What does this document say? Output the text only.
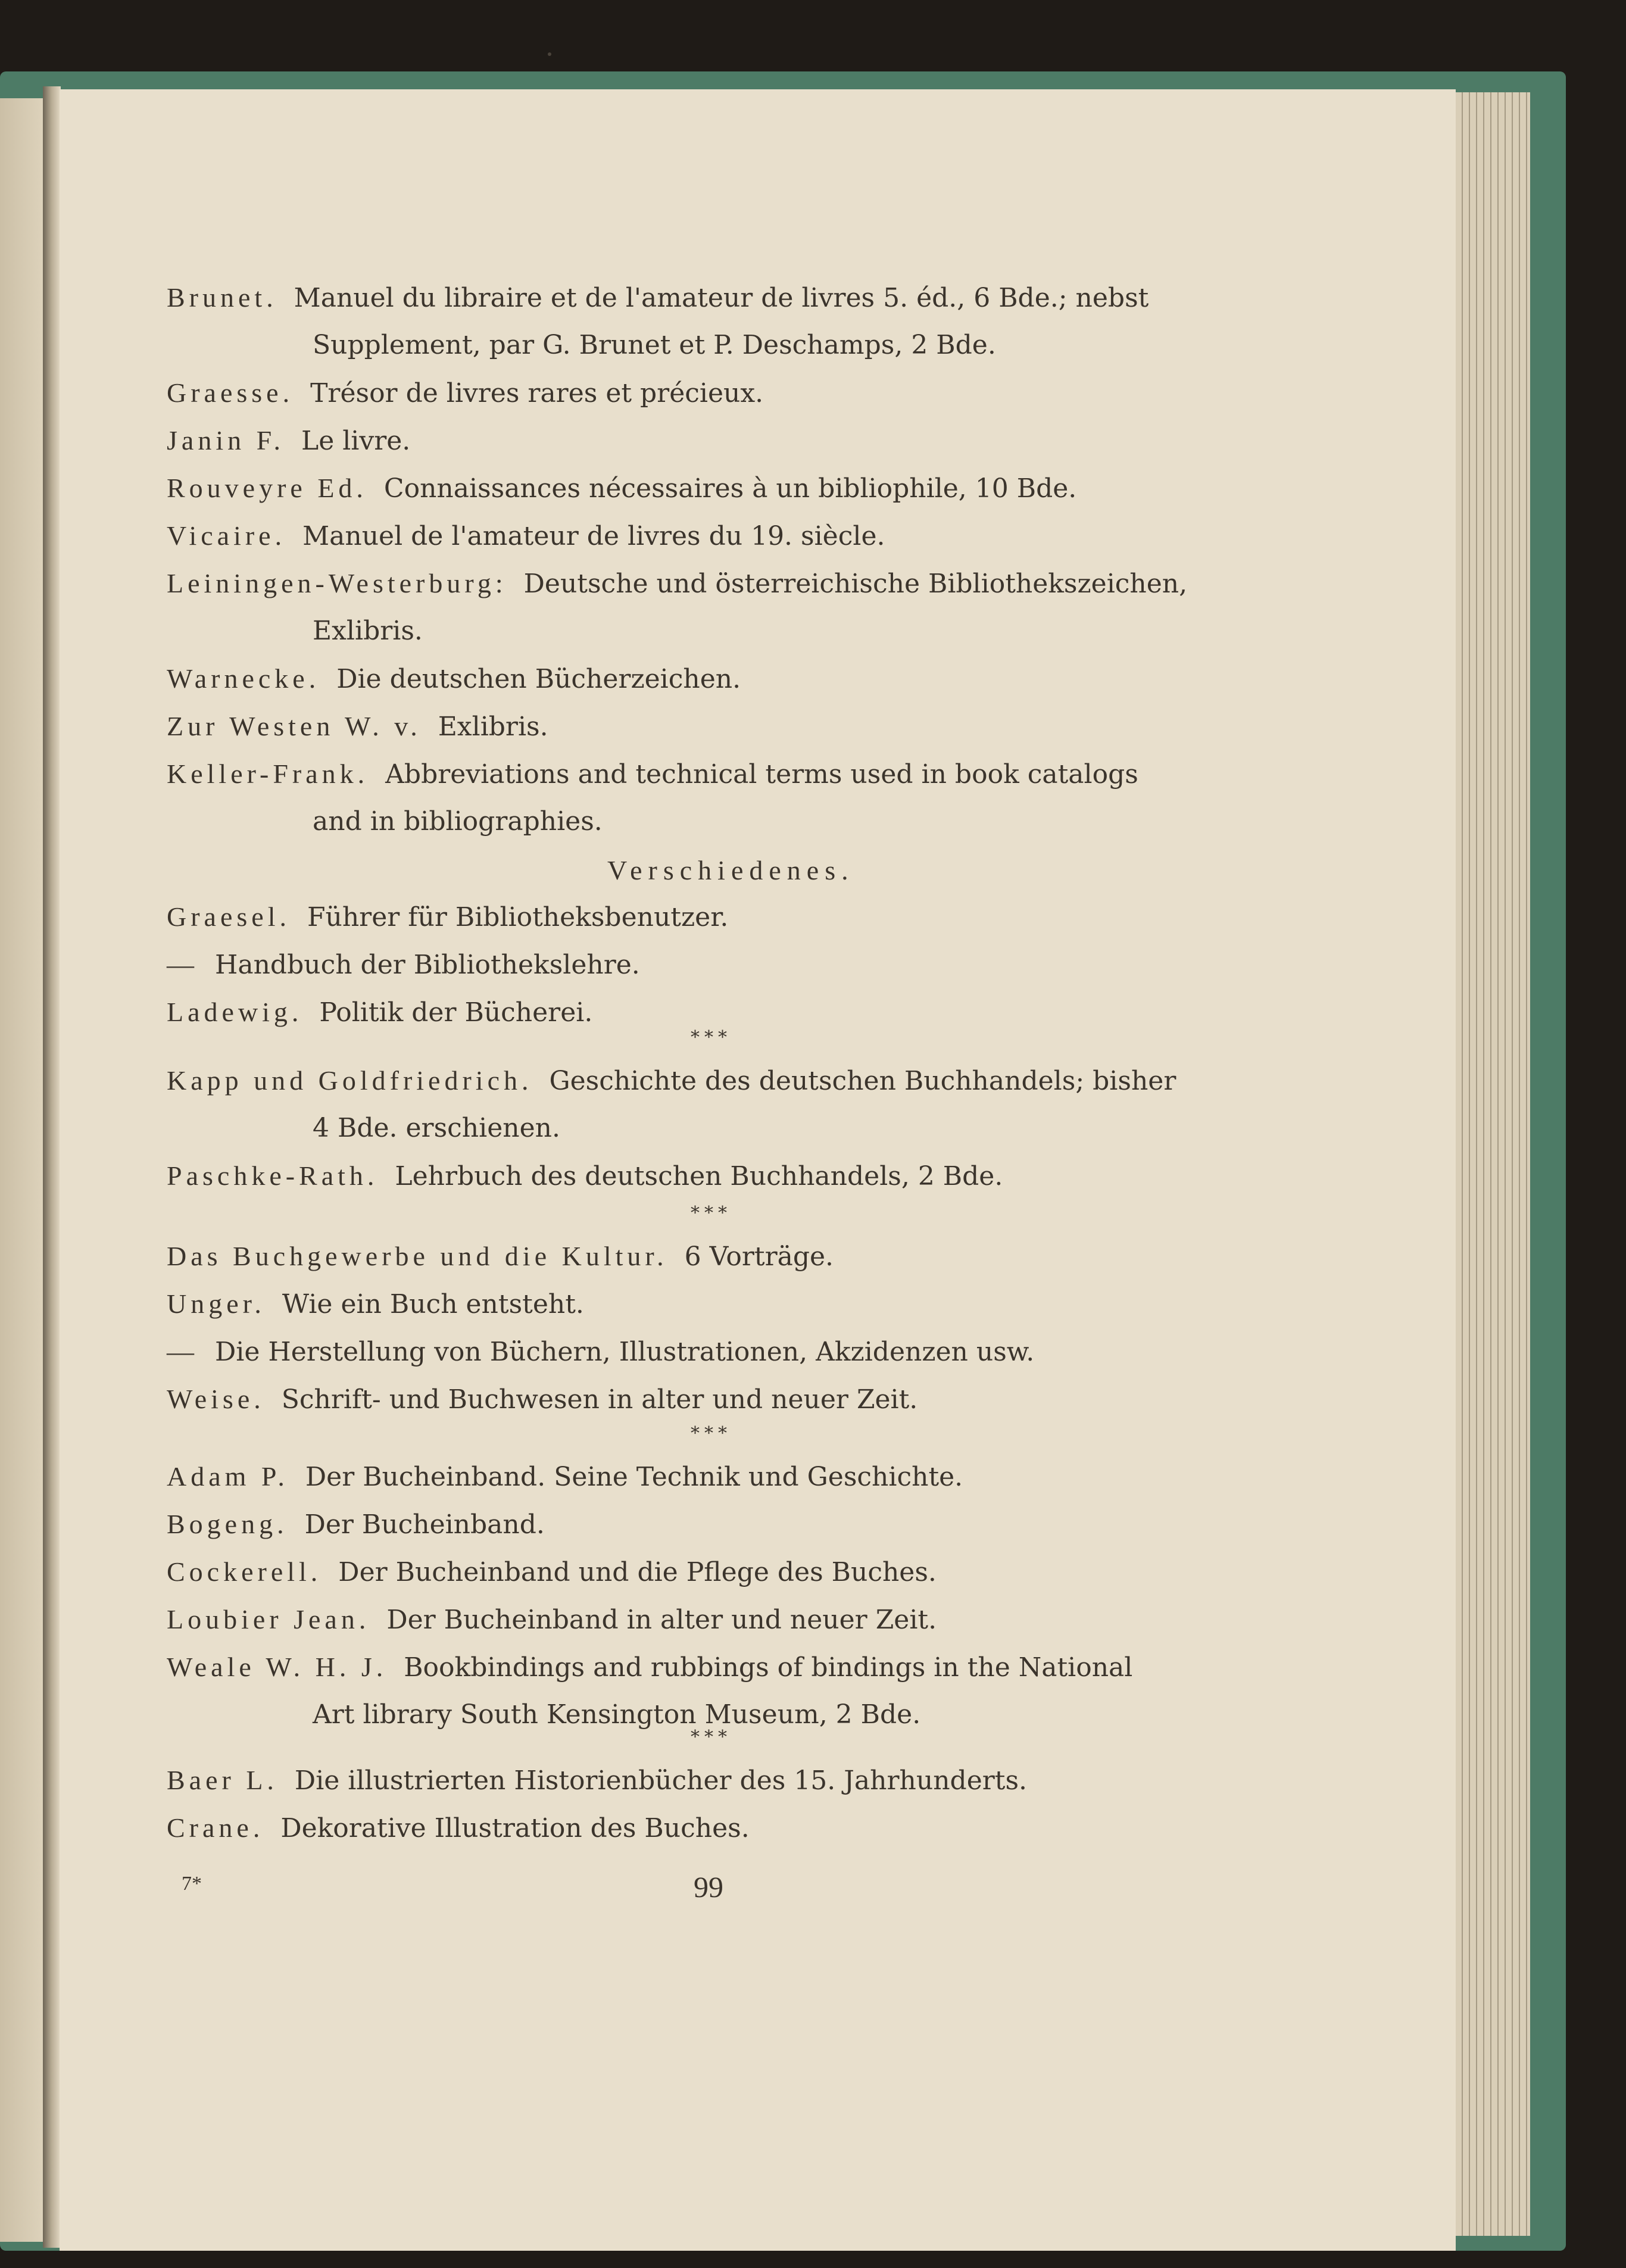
Brunet.  Manuel du libraire et de l'amateur de livres 5. éd., 6 Bde.; nebst
Supplement, par G. Brunet et P. Deschamps, 2 Bde.
Graesse.  Trésor de livres rares et précieux.
Janin F.  Le livre.
Rouveyre Ed.  Connaissances nécessaires à un bibliophile, 10 Bde.
Vicaire.  Manuel de l'amateur de livres du 19. siècle.
Leiningen-Westerburg:  Deutsche und österreichische Bibliothekszeichen,
Exlibris.
Warnecke.  Die deutschen Bücherzeichen.
Zur Westen W. v.  Exlibris.
Keller-Frank.  Abbreviations and technical terms used in book catalogs
and in bibliographies.
Graesel.  Führer für Bibliotheksbenutzer.
—  Handbuch der Bibliothekslehre.
Ladewig.  Politik der Bücherei.
Kapp und Goldfriedrich.  Geschichte des deutschen Buchhandels; bisher
4 Bde. erschienen.
Paschke-Rath.  Lehrbuch des deutschen Buchhandels, 2 Bde.
Das Buchgewerbe und die Kultur.  6 Vorträge.
Unger.  Wie ein Buch entsteht.
—  Die Herstellung von Büchern, Illustrationen, Akzidenzen usw.
Weise.  Schrift- und Buchwesen in alter und neuer Zeit.
Adam P.  Der Bucheinband. Seine Technik und Geschichte.
Bogeng.  Der Bucheinband.
Cockerell.  Der Bucheinband und die Pflege des Buches.
Loubier Jean.  Der Bucheinband in alter und neuer Zeit.
Weale W. H. J.  Bookbindings and rubbings of bindings in the National
Art library South Kensington Museum, 2 Bde.
Baer L.  Die illustrierten Historienbücher des 15. Jahrhunderts.
Crane.  Dekorative Illustration des Buches.
***
***
***
***
Verschiedenes.
7*	99
